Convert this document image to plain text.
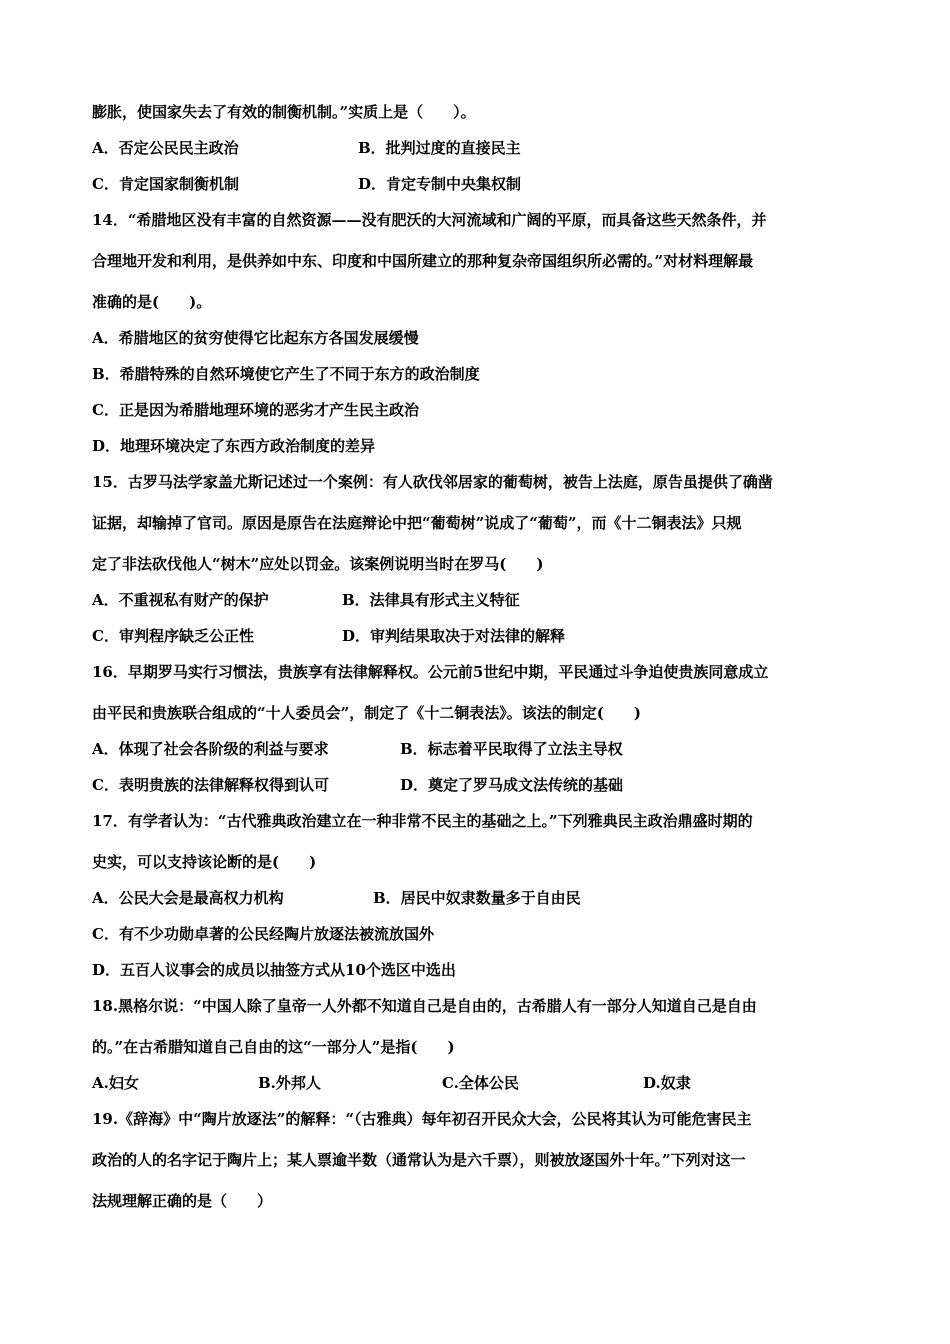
膨胀，使国家失去了有效的制衡机制。”实质上是（　　）。
A．否定公民民主政治	B．批判过度的直接民主
C．肯定国家制衡机制	D．肯定专制中央集权制
14．“希腊地区没有丰富的自然资源——没有肥沃的大河流域和广阔的平原，而具备这些天然条件，并
合理地开发和利用，是供养如中东、印度和中国所建立的那种复杂帝国组织所必需的。”对材料理解最
准确的是(　　)。
A．希腊地区的贫穷使得它比起东方各国发展缓慢
B．希腊特殊的自然环境使它产生了不同于东方的政治制度
C．正是因为希腊地理环境的恶劣才产生民主政治
D．地理环境决定了东西方政治制度的差异
15．古罗马法学家盖尤斯记述过一个案例：有人砍伐邻居家的葡萄树，被告上法庭，原告虽提供了确凿
证据，却输掉了官司。原因是原告在法庭辩论中把“葡萄树”说成了“葡萄”，而《十二铜表法》只规
定了非法砍伐他人“树木”应处以罚金。该案例说明当时在罗马(　　)
A．不重视私有财产的保护	B．法律具有形式主义特征
C．审判程序缺乏公正性	D．审判结果取决于对法律的解释
16．早期罗马实行习惯法，贵族享有法律解释权。公元前5世纪中期，平民通过斗争迫使贵族同意成立
由平民和贵族联合组成的“十人委员会”，制定了《十二铜表法》。该法的制定(　　)
A．体现了社会各阶级的利益与要求	B．标志着平民取得了立法主导权
C．表明贵族的法律解释权得到认可	D．奠定了罗马成文法传统的基础
17．有学者认为：“古代雅典政治建立在一种非常不民主的基础之上。”下列雅典民主政治鼎盛时期的
史实，可以支持该论断的是(　　)
A．公民大会是最高权力机构	B．居民中奴隶数量多于自由民
C．有不少功勋卓著的公民经陶片放逐法被流放国外
D．五百人议事会的成员以抽签方式从10个选区中选出
18.黑格尔说：“中国人除了皇帝一人外都不知道自己是自由的，古希腊人有一部分人知道自己是自由
的。”在古希腊知道自己自由的这“一部分人”是指(　　)
A.妇女	B.外邦人	C.全体公民	D.奴隶
19.《辞海》中“陶片放逐法”的解释：“（古雅典）每年初召开民众大会，公民将其认为可能危害民主
政治的人的名字记于陶片上；某人票逾半数（通常认为是六千票），则被放逐国外十年。”下列对这一
法规理解正确的是（　　）
